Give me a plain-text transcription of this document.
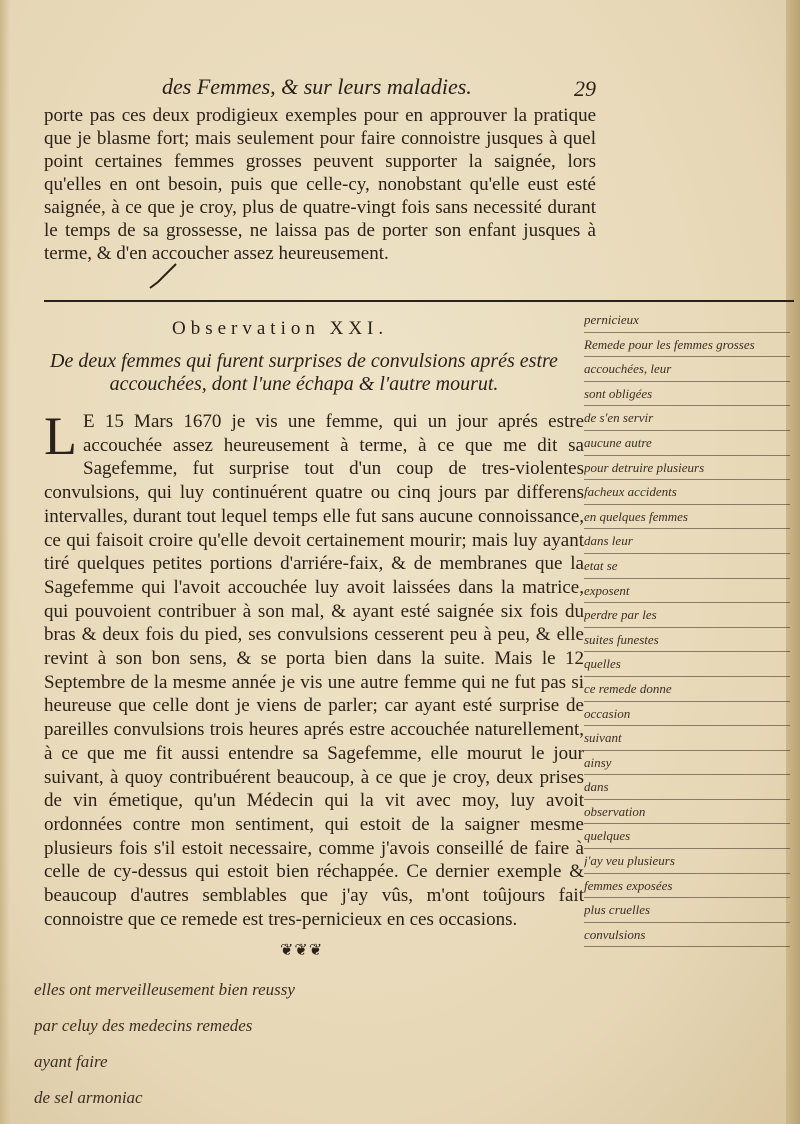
des Femmes, & sur leurs maladies.	29
porte pas ces deux prodigieux exemples pour en approuver la pratique que je blasme fort; mais seulement pour faire connoistre jusques à quel point certaines femmes grosses peuvent supporter la saignée, lors qu'elles en ont besoin, puis que celle-cy, nonobstant qu'elle eust esté saignée, à ce que je croy, plus de quatre-vingt fois sans necessité durant le temps de sa grossesse, ne laissa pas de porter son enfant jusques à terme, & d'en accoucher assez heureusement.
Observation XXI.
De deux femmes qui furent surprises de convulsions aprés estre accouchées, dont l'une échapa & l'autre mourut.
L E 15 Mars 1670 je vis une femme, qui un jour aprés estre accouchée assez heureusement à terme, à ce que me dit sa Sagefemme, fut surprise tout d'un coup de tres-violentes convulsions, qui luy continuérent quatre ou cinq jours par differens intervalles, durant tout lequel temps elle fut sans aucune connoissance, ce qui faisoit croire qu'elle devoit certainement mourir; mais luy ayant tiré quelques petites portions d'arriére-faix, & de membranes que la Sagefemme qui l'avoit accouchée luy avoit laissées dans la matrice, qui pouvoient contribuer à son mal, & ayant esté saignée six fois du bras & deux fois du pied, ses convulsions cesserent peu à peu, & elle revint à son bon sens, & se porta bien dans la suite. Mais le 12 Septembre de la mesme année je vis une autre femme qui ne fut pas si heureuse que celle dont je viens de parler; car ayant esté surprise de pareilles convulsions trois heures aprés estre accouchée naturellement, à ce que me fit aussi entendre sa Sagefemme, elle mourut le jour suivant, à quoy contribuérent beaucoup, à ce que je croy, deux prises de vin émetique, qu'un Médecin qui la vit avec moy, luy avoit ordonnées contre mon sentiment, qui estoit de la saigner mesme plusieurs fois s'il estoit necessaire, comme j'avois conseillé de faire à celle de cy-dessus qui estoit bien réchappée. Ce dernier exemple & beaucoup d'autres semblables que j'ay vûs, m'ont toûjours fait connoistre que ce remede est tres-pernicieux en ces occasions.
❦❦❦
pernicieux
Remede pour les femmes grosses
accouchées, leur
sont obligées
de s'en servir
aucune autre
pour detruire plusieurs
facheux accidents
en quelques femmes
dans leur
etat se
exposent
perdre par les
suites funestes
quelles
ce remede donne
occasion
suivant
ainsy
dans
observation
quelques
j'ay veu plusieurs
femmes exposées
plus cruelles
convulsions
elles ont merveilleusement bien reussy
par celuy des medecins remedes
ayant faire
de sel armoniac
